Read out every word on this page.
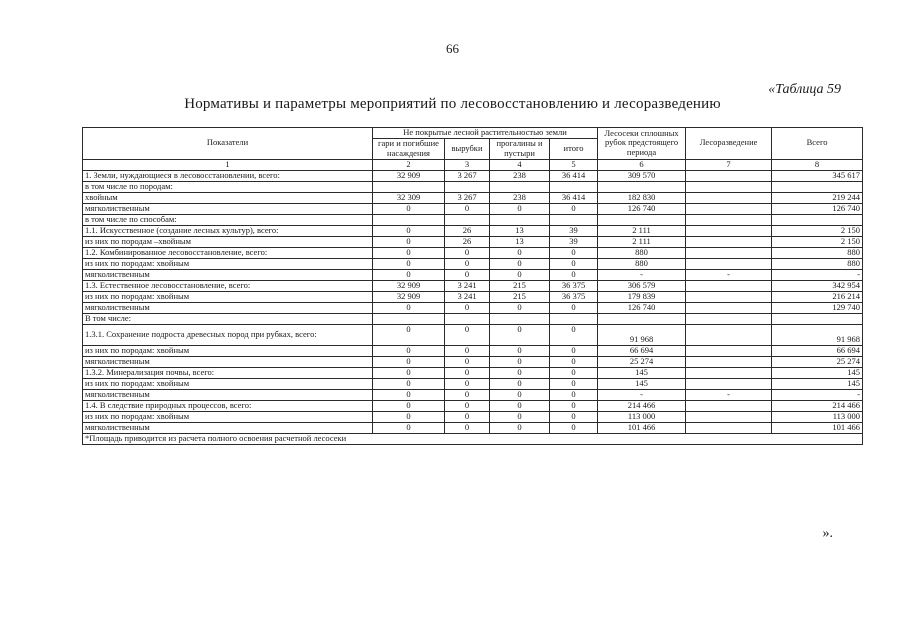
66
«Таблица 59
Нормативы и параметры мероприятий по лесовосстановлению и лесоразведению
Показатели	Не покрытые лесной растительностью земли				Лесосеки сплошных рубок предстоящего периода	Лесоразведение	Всего
	гари и погибшие насаждения	вырубки	прогалины и пустыри	итого			
1	2	3	4	5	6	7	8
1. Земли, нуждающиеся в лесовосстановлении, всего:	32 909	3 267	238	36 414	309 570		345 617
в том числе по породам:							
хвойным	32 309	3 267	238	36 414	182 830		219 244
мягколиственным	0	0	0	0	126 740		126 740
в том числе по способам:							
1.1. Искусственное (создание лесных культур), всего:	0	26	13	39	2 111		2 150
из них по породам –хвойным	0	26	13	39	2 111		2 150
1.2. Комбинированное лесовосстановление, всего:	0	0	0	0	880		880
из них по породам: хвойным	0	0	0	0	880		880
мягколиственным	0	0	0	0	-	-	-
1.3. Естественное лесовосстановление, всего:	32 909	3 241	215	36 375	306 579		342 954
из них по породам: хвойным	32 909	3 241	215	36 375	179 839		216 214
мягколиственным	0	0	0	0	126 740		129 740
В том числе:							
1.3.1. Сохранение подроста древесных пород при рубках, всего:	0	0	0	0	91 968		91 968
из них по породам: хвойным	0	0	0	0	66 694		66 694
мягколиственным	0	0	0	0	25 274		25 274
1.3.2. Минерализация почвы, всего:	0	0	0	0	145		145
из них по породам: хвойным	0	0	0	0	145		145
мягколиственным	0	0	0	0	-	-	-
1.4. В следствие природных процессов, всего:	0	0	0	0	214 466		214 466
из них по породам: хвойным	0	0	0	0	113 000		113 000
мягколиственным	0	0	0	0	101 466		101 466
*Площадь приводится из расчета полного освоения расчетной лесосеки							
».
